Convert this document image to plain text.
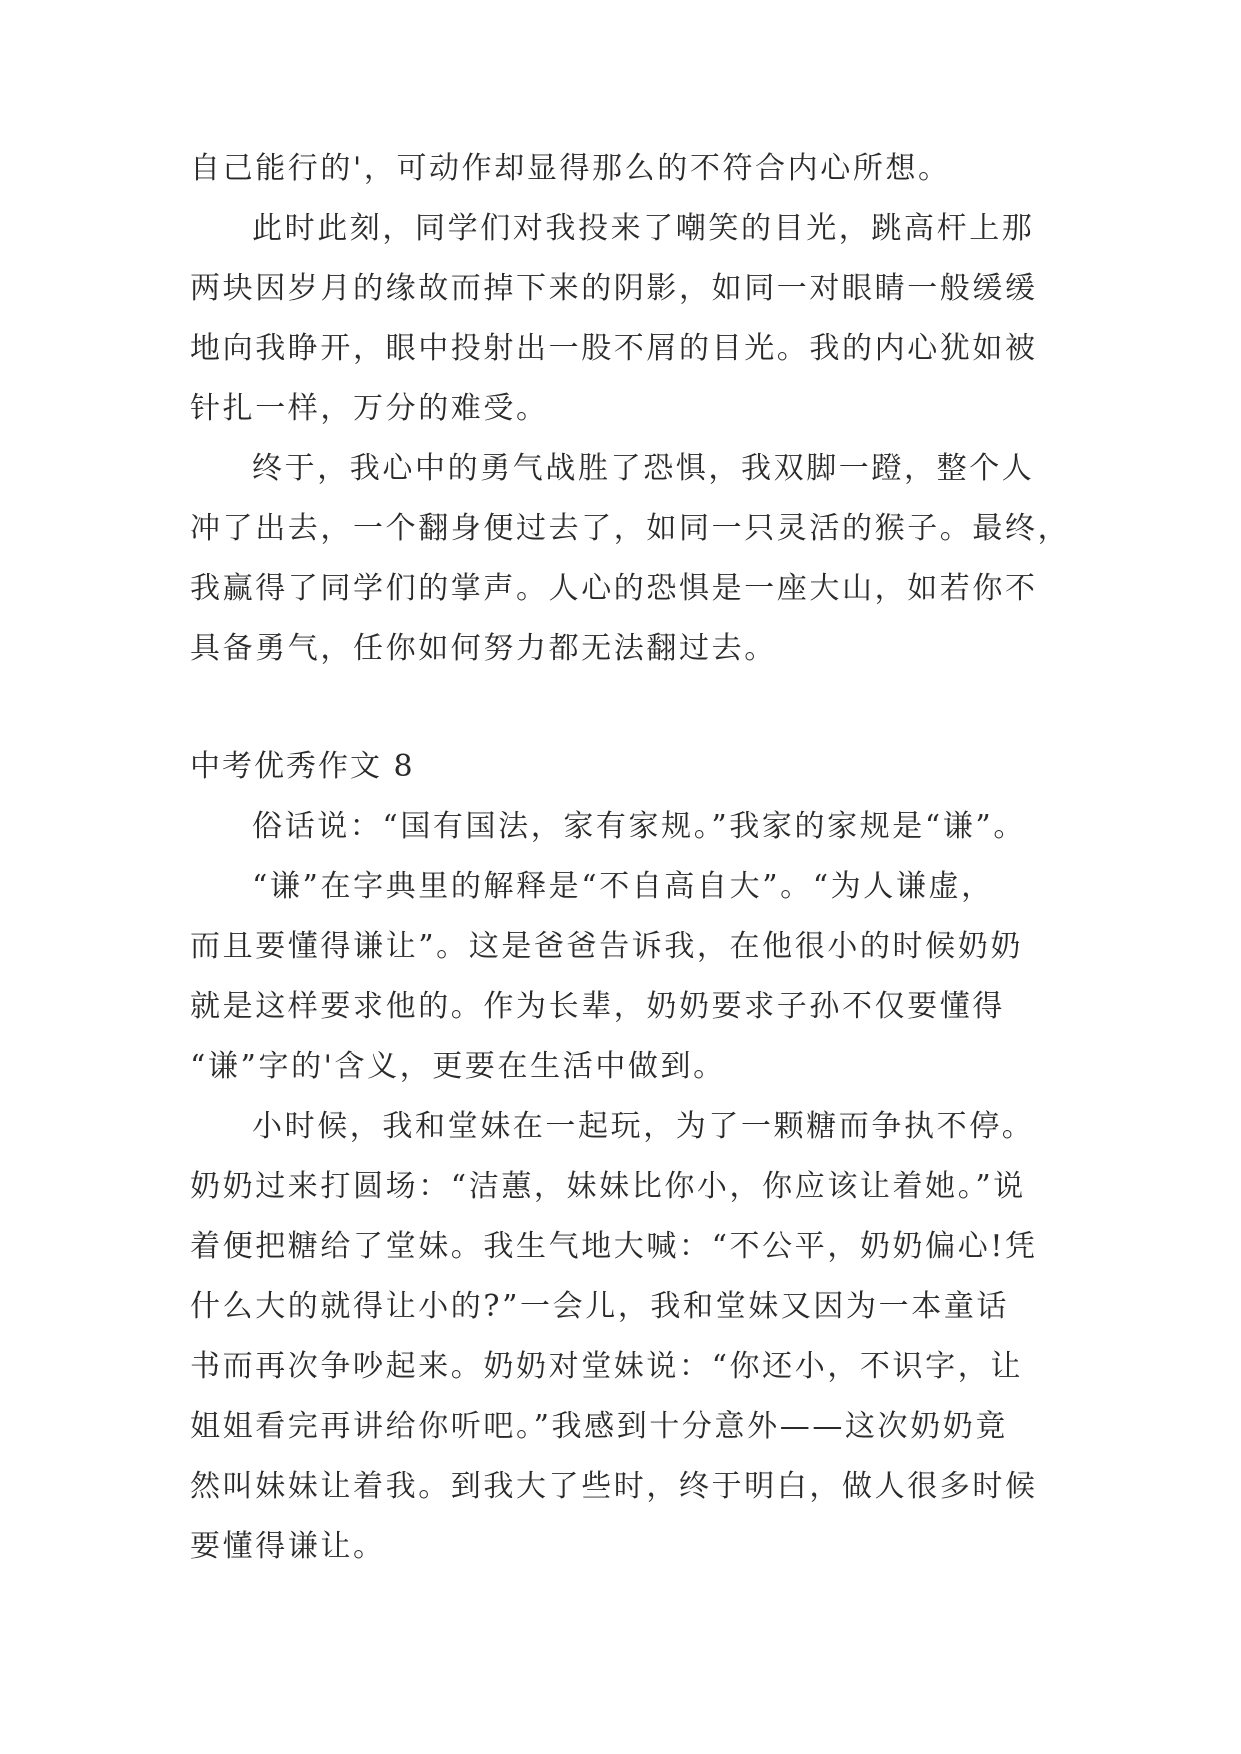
自己能行的'，可动作却显得那么的不符合内心所想。
此时此刻，同学们对我投来了嘲笑的目光，跳高杆上那
两块因岁月的缘故而掉下来的阴影，如同一对眼睛一般缓缓
地向我睁开，眼中投射出一股不屑的目光。我的内心犹如被
针扎一样，万分的难受。
终于，我心中的勇气战胜了恐惧，我双脚一蹬，整个人
冲了出去，一个翻身便过去了，如同一只灵活的猴子。最终，
我赢得了同学们的掌声。人心的恐惧是一座大山，如若你不
具备勇气，任你如何努力都无法翻过去。
中考优秀作文 8
俗话说：“国有国法，家有家规。”我家的家规是“谦”。
“谦”在字典里的解释是“不自高自大”。“为人谦虚，
而且要懂得谦让”。这是爸爸告诉我，在他很小的时候奶奶
就是这样要求他的。作为长辈，奶奶要求子孙不仅要懂得
“谦”字的'含义，更要在生活中做到。
小时候，我和堂妹在一起玩，为了一颗糖而争执不停。
奶奶过来打圆场：“洁蕙，妹妹比你小，你应该让着她。”说
着便把糖给了堂妹。我生气地大喊：“不公平，奶奶偏心!凭
什么大的就得让小的?”一会儿，我和堂妹又因为一本童话
书而再次争吵起来。奶奶对堂妹说：“你还小，不识字，让
姐姐看完再讲给你听吧。”我感到十分意外——这次奶奶竟
然叫妹妹让着我。到我大了些时，终于明白，做人很多时候
要懂得谦让。
